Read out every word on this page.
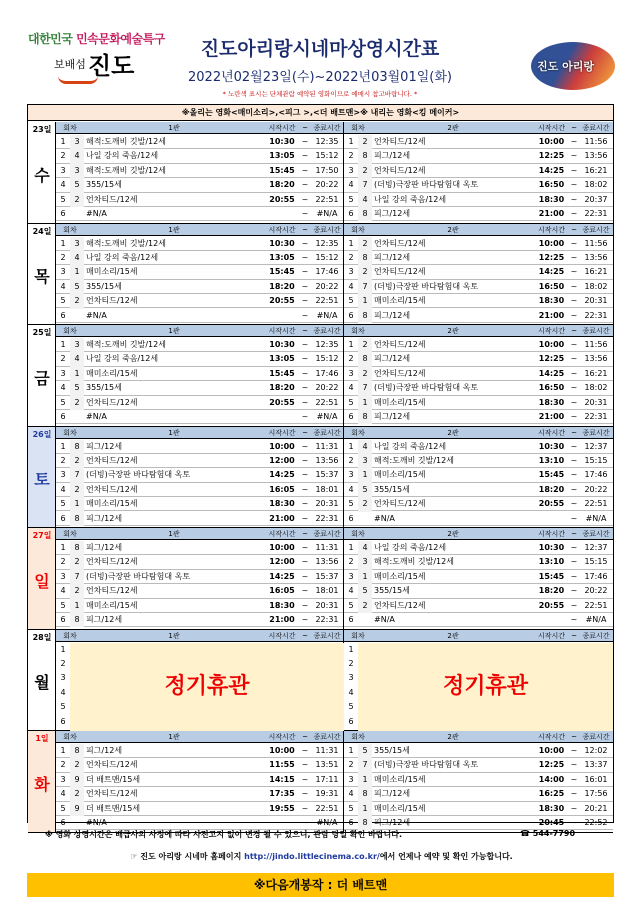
대한민국 민속문화예술특구
보배섬 진도
진도아리랑시네마상영시간표
2022년02월23일(수)~2022년03월01일(화)
* 노란색 표시는 단체관람 예약된 영화이므로 예매시 참고바랍니다. *
진도 아리랑
※올리는 영화<매미소리>,<피그 >,<더 배트맨>※ 내리는 영화<킹 메이커>
23일
수
회차	시작시간 ~ 종료시간
1관
1	3 해적:도깨비 깃발/12세	10:30 ~ 12:35
2	4 나일 강의 죽음/12세	13:05 ~ 15:12
3	3 해적:도깨비 깃발/12세	15:45 ~ 17:50
4	5 355/15세	18:20 ~ 20:22
5	2 언차티드/12세	20:55 ~ 22:51
6	#N/A	~	#N/A
회차	시작시간 ~ 종료시간
2관
1	2 언차티드/12세	10:00 ~ 11:56
2	8 피그/12세	12:25 ~ 13:56
3	2 언차티드/12세	14:25 ~ 16:21
4	7 (더빙)극장판 바다탐험대 옥토	16:50 ~ 18:02
5	4 나일 강의 죽음/12세	18:30 ~ 20:37
6	8 피그/12세	21:00 ~ 22:31
24일
목
회차	시작시간 ~ 종료시간
1관
1	3 해적:도깨비 깃발/12세	10:30 ~ 12:35
2	4 나일 강의 죽음/12세	13:05 ~ 15:12
3	1 매미소리/15세	15:45 ~ 17:46
4	5 355/15세	18:20 ~ 20:22
5	2 언차티드/12세	20:55 ~ 22:51
6	#N/A	~	#N/A
회차	시작시간 ~ 종료시간
2관
1	2 언차티드/12세	10:00 ~ 11:56
2	8 피그/12세	12:25 ~ 13:56
3	2 언차티드/12세	14:25 ~ 16:21
4	7 (더빙)극장판 바다탐험대 옥토	16:50 ~ 18:02
5	1 매미소리/15세	18:30 ~ 20:31
6	8 피그/12세	21:00 ~ 22:31
25일
금
회차	시작시간 ~ 종료시간
1관
1	3 해적:도깨비 깃발/12세	10:30 ~ 12:35
2	4 나일 강의 죽음/12세	13:05 ~ 15:12
3	1 매미소리/15세	15:45 ~ 17:46
4	5 355/15세	18:20 ~ 20:22
5	2 언차티드/12세	20:55 ~ 22:51
6	#N/A	~	#N/A
회차	시작시간 ~ 종료시간
2관
1	2 언차티드/12세	10:00 ~ 11:56
2	8 피그/12세	12:25 ~ 13:56
3	2 언차티드/12세	14:25 ~ 16:21
4	7 (더빙)극장판 바다탐험대 옥토	16:50 ~ 18:02
5	1 매미소리/15세	18:30 ~ 20:31
6	8 피그/12세	21:00 ~ 22:31
26일
토
회차	시작시간 ~ 종료시간
1관
1	8 피그/12세	10:00 ~ 11:31
2	2 언차티드/12세	12:00 ~ 13:56
3	7 (더빙)극장판 바다탐험대 옥토	14:25 ~ 15:37
4	2 언차티드/12세	16:05 ~ 18:01
5	1 매미소리/15세	18:30 ~ 20:31
6	8 피그/12세	21:00 ~ 22:31
회차	시작시간 ~ 종료시간
2관
1	4 나일 강의 죽음/12세	10:30 ~ 12:37
2	3 해적:도깨비 깃발/12세	13:10 ~ 15:15
3	1 매미소리/15세	15:45 ~ 17:46
4	5 355/15세	18:20 ~ 20:22
5	2 언차티드/12세	20:55 ~ 22:51
6	#N/A	~	#N/A
27일
일
회차	시작시간 ~ 종료시간
1관
1	8 피그/12세	10:00 ~ 11:31
2	2 언차티드/12세	12:00 ~ 13:56
3	7 (더빙)극장판 바다탐험대 옥토	14:25 ~ 15:37
4	2 언차티드/12세	16:05 ~ 18:01
5	1 매미소리/15세	18:30 ~ 20:31
6	8 피그/12세	21:00 ~ 22:31
회차	시작시간 ~ 종료시간
2관
1	4 나일 강의 죽음/12세	10:30 ~ 12:37
2	3 해적:도깨비 깃발/12세	13:10 ~ 15:15
3	1 매미소리/15세	15:45 ~ 17:46
4	5 355/15세	18:20 ~ 20:22
5	2 언차티드/12세	20:55 ~ 22:51
6	#N/A	~	#N/A
28일
월
회차	시작시간 ~ 종료시간
1관
1
2
3
4
5
6
정기휴관
회차	시작시간 ~ 종료시간
2관
1
2
3
4
5
6
정기휴관
1일
화
회차	시작시간 ~ 종료시간
1관
1	8 피그/12세	10:00 ~ 11:31
2	2 언차티드/12세	11:55 ~ 13:51
3	9 더 배트맨/15세	14:15 ~ 17:11
4	2 언차티드/12세	17:35 ~ 19:31
5	9 더 배트맨/15세	19:55 ~ 22:51
6	#N/A	~	#N/A
회차	시작시간 ~ 종료시간
2관
1	5 355/15세	10:00 ~ 12:02
2	7 (더빙)극장판 바다탐험대 옥토	12:25 ~ 13:37
3	1 매미소리/15세	14:00 ~ 16:01
4	8 피그/12세	16:25 ~ 17:56
5	1 매미소리/15세	18:30 ~ 20:21
6	8 피그/12세	20:45 ~ 22:52
※ 영화 상영시간은 배급사의 사정에 따라 사전고지 없이 변경 될 수 있으니, 관람 당일 확인 바랍니다.	☎ 544-7790
☞ 진도 아리랑 시네마 홈페이지 http://jindo.littlecinema.co.kr/에서 언제나 예약 및 확인 가능합니다.
※다음개봉작 : 더 배트맨
